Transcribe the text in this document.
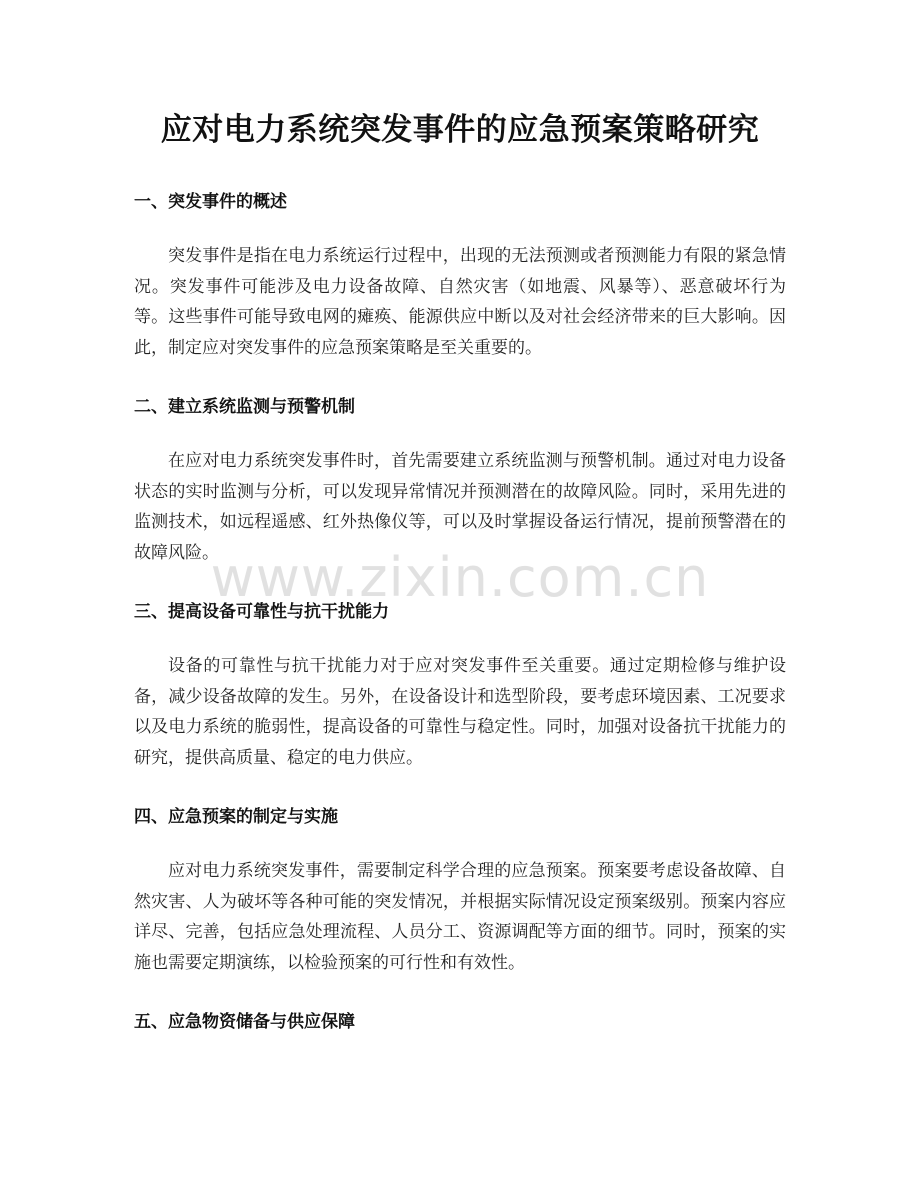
应对电力系统突发事件的应急预案策略研究
一、突发事件的概述
突发事件是指在电力系统运行过程中，出现的无法预测或者预测能力有限的紧急情况。突发事件可能涉及电力设备故障、自然灾害（如地震、风暴等）、恶意破坏行为等。这些事件可能导致电网的瘫痪、能源供应中断以及对社会经济带来的巨大影响。因此，制定应对突发事件的应急预案策略是至关重要的。
二、建立系统监测与预警机制
在应对电力系统突发事件时，首先需要建立系统监测与预警机制。通过对电力设备状态的实时监测与分析，可以发现异常情况并预测潜在的故障风险。同时，采用先进的监测技术，如远程遥感、红外热像仪等，可以及时掌握设备运行情况，提前预警潜在的故障风险。
三、提高设备可靠性与抗干扰能力
设备的可靠性与抗干扰能力对于应对突发事件至关重要。通过定期检修与维护设备，减少设备故障的发生。另外，在设备设计和选型阶段，要考虑环境因素、工况要求以及电力系统的脆弱性，提高设备的可靠性与稳定性。同时，加强对设备抗干扰能力的研究，提供高质量、稳定的电力供应。
四、应急预案的制定与实施
应对电力系统突发事件，需要制定科学合理的应急预案。预案要考虑设备故障、自然灾害、人为破坏等各种可能的突发情况，并根据实际情况设定预案级别。预案内容应详尽、完善，包括应急处理流程、人员分工、资源调配等方面的细节。同时，预案的实施也需要定期演练，以检验预案的可行性和有效性。
五、应急物资储备与供应保障
www.zixin.com.cn
